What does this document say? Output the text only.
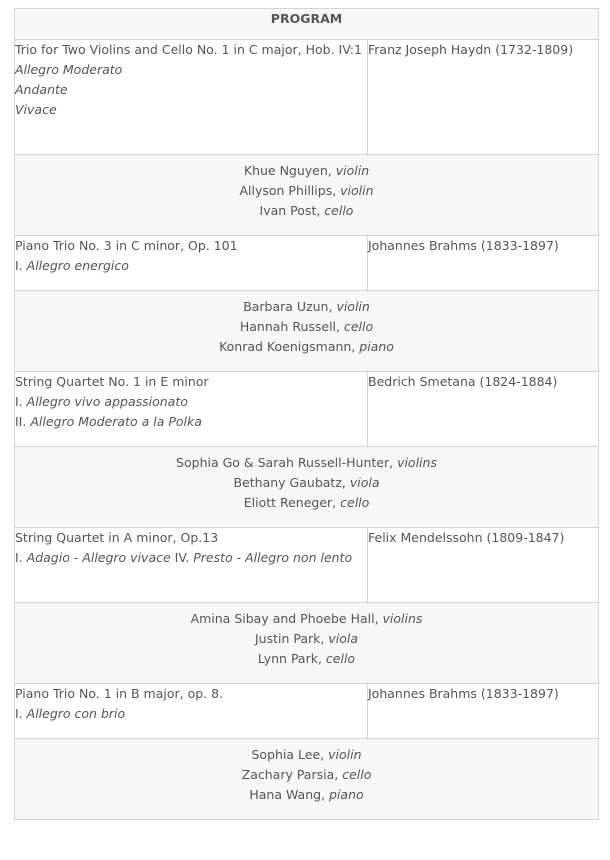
PROGRAM	

Trio for Two Violins and Cello No. 1 in C major, Hob. IV:1
Allegro Moderato
Andante
Vivace	Franz Joseph Haydn (1732-1809)

Khue Nguyen, violin
Allyson Phillips, violin
Ivan Post, cello	

Piano Trio No. 3 in C minor, Op. 101
I. Allegro energico	Johannes Brahms (1833-1897)

Barbara Uzun, violin
Hannah Russell, cello
Konrad Koenigsmann, piano	

String Quartet No. 1 in E minor
I. Allegro vivo appassionato
II. Allegro Moderato a la Polka	Bedrich Smetana (1824-1884)

Sophia Go & Sarah Russell-Hunter, violins
Bethany Gaubatz, viola
Eliott Reneger, cello	

String Quartet in A minor, Op.13
I. Adagio - Allegro vivace IV. Presto - Allegro non lento	Felix Mendelssohn (1809-1847)

Amina Sibay and Phoebe Hall, violins
Justin Park, viola
Lynn Park, cello	

Piano Trio No. 1 in B major, op. 8.
I. Allegro con brio	Johannes Brahms (1833-1897)

Sophia Lee, violin
Zachary Parsia, cello
Hana Wang, piano	
